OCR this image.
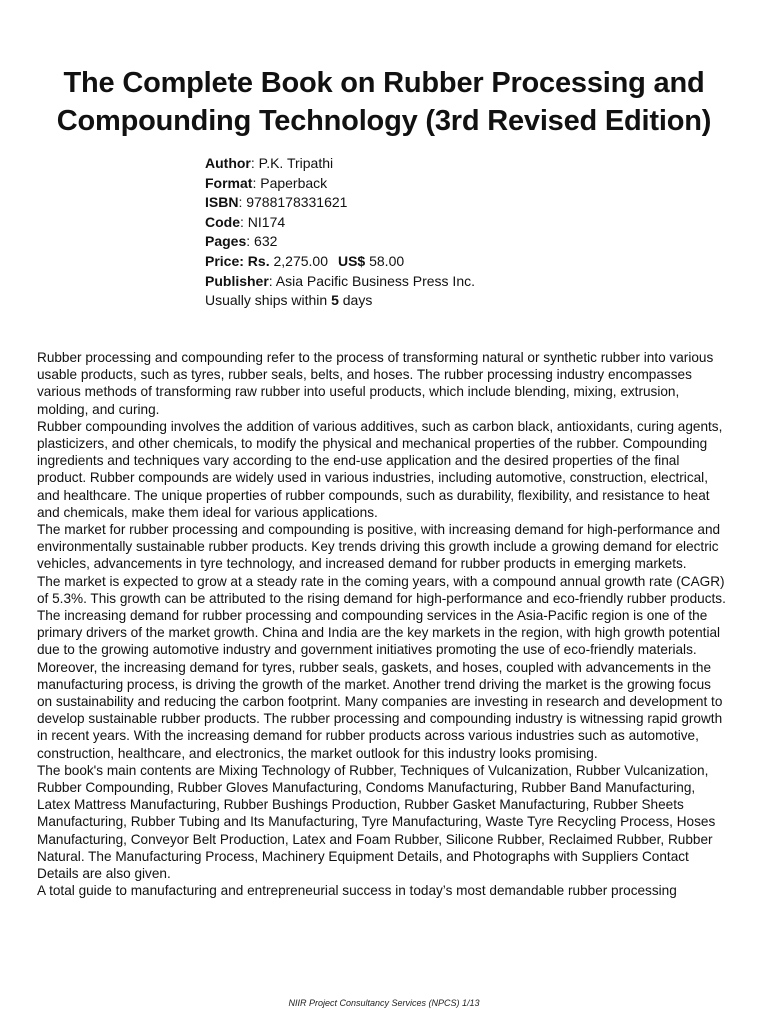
The Complete Book on Rubber Processing and Compounding Technology (3rd Revised Edition)
Author: P.K. Tripathi
Format: Paperback
ISBN: 9788178331621
Code: NI174
Pages: 632
Price: Rs. 2,275.00 US$ 58.00
Publisher: Asia Pacific Business Press Inc.
Usually ships within 5 days

Rubber processing and compounding refer to the process of transforming natural or synthetic rubber into various usable products, such as tyres, rubber seals, belts, and hoses. The rubber processing industry encompasses various methods of transforming raw rubber into useful products, which include blending, mixing, extrusion, molding, and curing.

Rubber compounding involves the addition of various additives, such as carbon black, antioxidants, curing agents, plasticizers, and other chemicals, to modify the physical and mechanical properties of the rubber. Compounding ingredients and techniques vary according to the end-use application and the desired properties of the final product. Rubber compounds are widely used in various industries, including automotive, construction, electrical, and healthcare. The unique properties of rubber compounds, such as durability, flexibility, and resistance to heat and chemicals, make them ideal for various applications.

The market for rubber processing and compounding is positive, with increasing demand for high-performance and environmentally sustainable rubber products. Key trends driving this growth include a growing demand for electric vehicles, advancements in tyre technology, and increased demand for rubber products in emerging markets.

The market is expected to grow at a steady rate in the coming years, with a compound annual growth rate (CAGR) of 5.3%. This growth can be attributed to the rising demand for high-performance and eco-friendly rubber products. The increasing demand for rubber processing and compounding services in the Asia-Pacific region is one of the primary drivers of the market growth. China and India are the key markets in the region, with high growth potential due to the growing automotive industry and government initiatives promoting the use of eco-friendly materials. Moreover, the increasing demand for tyres, rubber seals, gaskets, and hoses, coupled with advancements in the manufacturing process, is driving the growth of the market. Another trend driving the market is the growing focus on sustainability and reducing the carbon footprint. Many companies are investing in research and development to develop sustainable rubber products. The rubber processing and compounding industry is witnessing rapid growth in recent years. With the increasing demand for rubber products across various industries such as automotive, construction, healthcare, and electronics, the market outlook for this industry looks promising.

The book's main contents are Mixing Technology of Rubber, Techniques of Vulcanization, Rubber Vulcanization, Rubber Compounding, Rubber Gloves Manufacturing, Condoms Manufacturing, Rubber Band Manufacturing, Latex Mattress Manufacturing, Rubber Bushings Production, Rubber Gasket Manufacturing, Rubber Sheets Manufacturing, Rubber Tubing and Its Manufacturing, Tyre Manufacturing, Waste Tyre Recycling Process, Hoses Manufacturing, Conveyor Belt Production, Latex and Foam Rubber, Silicone Rubber, Reclaimed Rubber, Rubber Natural. The Manufacturing Process, Machinery Equipment Details, and Photographs with Suppliers Contact Details are also given.

A total guide to manufacturing and entrepreneurial success in today’s most demandable rubber processing

NIIR Project Consultancy Services (NPCS) 1/13
